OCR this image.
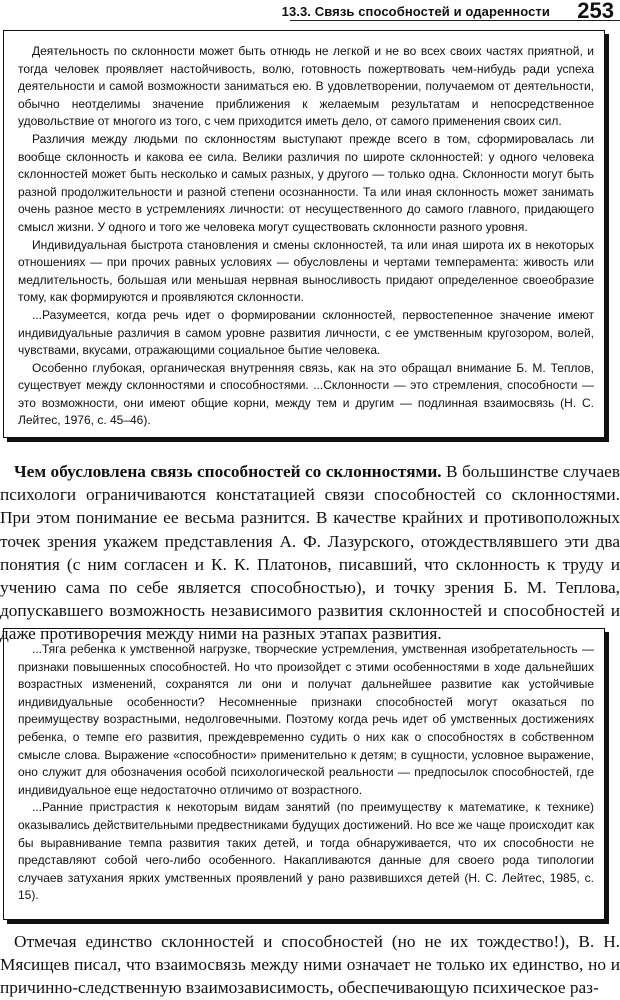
13.3. Связь способностей и одаренности 253

Деятельность по склонности может быть отнюдь не легкой и не во всех своих частях приятной, и тогда человек проявляет настойчивость, волю, готовность пожертвовать чем-нибудь ради успеха деятельности и самой возможности заниматься ею. В удовлетворении, получаемом от деятельности, обычно неотделимы значение приближения к желаемым результатам и непосредственное удовольствие от многого из того, с чем приходится иметь дело, от самого применения своих сил.

Различия между людьми по склонностям выступают прежде всего в том, сформировалась ли вообще склонность и какова ее сила. Велики различия по широте склонностей: у одного человека склонностей может быть несколько и самых разных, у другого — только одна. Склонности могут быть разной продолжительности и разной степени осознанности. Та или иная склонность может занимать очень разное место в устремлениях личности: от несущественного до самого главного, придающего смысл жизни. У одного и того же человека могут существовать склонности разного уровня.

Индивидуальная быстрота становления и смены склонностей, та или иная широта их в некоторых отношениях — при прочих равных условиях — обусловлены и чертами темперамента: живость или медлительность, большая или меньшая нервная выносливость придают определенное своеобразие тому, как формируются и проявляются склонности.

...Разумеется, когда речь идет о формировании склонностей, первостепенное значение имеют индивидуальные различия в самом уровне развития личности, с ее умственным кругозором, волей, чувствами, вкусами, отражающими социальное бытие человека.

Особенно глубокая, органическая внутренняя связь, как на это обращал внимание Б. М. Теплов, существует между склонностями и способностями. ...Склонности — это стремления, способности — это возможности, они имеют общие корни, между тем и другим — подлинная взаимосвязь (Н. С. Лейтес, 1976, с. 45–46).

Чем обусловлена связь способностей со склонностями. В большинстве случаев психологи ограничиваются констатацией связи способностей со склонностями. При этом понимание ее весьма разнится. В качестве крайних и противоположных точек зрения укажем представления А. Ф. Лазурского, отождествлявшего эти два понятия (с ним согласен и К. К. Платонов, писавший, что склонность к труду и учению сама по себе является способностью), и точку зрения Б. М. Теплова, допускавшего возможность независимого развития склонностей и способностей и даже противоречия между ними на разных этапах развития.

...Тяга ребенка к умственной нагрузке, творческие устремления, умственная изобретательность — признаки повышенных способностей. Но что произойдет с этими особенностями в ходе дальнейших возрастных изменений, сохранятся ли они и получат дальнейшее развитие как устойчивые индивидуальные особенности? Несомненные признаки способностей могут оказаться по преимуществу возрастными, недолговечными. Поэтому когда речь идет об умственных достижениях ребенка, о темпе его развития, преждевременно судить о них как о способностях в собственном смысле слова. Выражение «способности» применительно к детям; в сущности, условное выражение, оно служит для обозначения особой психологической реальности — предпосылок способностей, где индивидуальное еще недостаточно отличимо от возрастного.

...Ранние пристрастия к некоторым видам занятий (по преимуществу к математике, к технике) оказывались действительными предвестниками будущих достижений. Но все же чаще происходит как бы выравнивание темпа развития таких детей, и тогда обнаруживается, что их способности не представляют собой чего-либо особенного. Накапливаются данные для своего рода типологии случаев затухания ярких умственных проявлений у рано развившихся детей (Н. С. Лейтес, 1985, с. 15).

Отмечая единство склонностей и способностей (но не их тождество!), В. Н. Мясищев писал, что взаимосвязь между ними означает не только их единство, но и причинно-следственную взаимозависимость, обеспечивающую психическое раз-
